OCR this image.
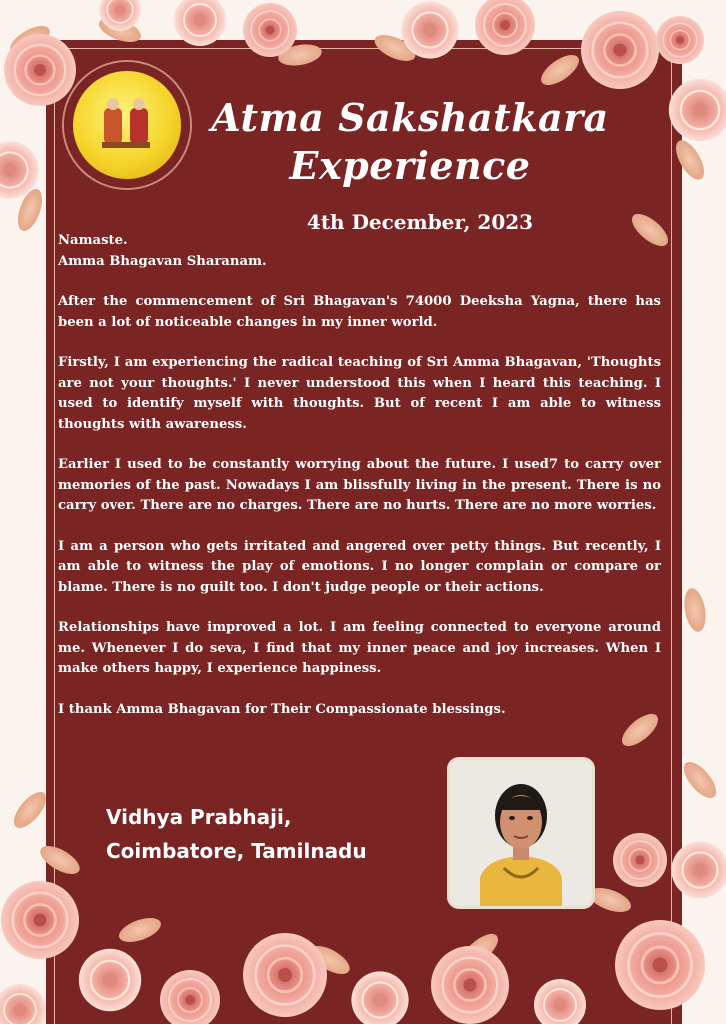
Atma Sakshatkara
Experience
4th December, 2023

Namaste.
Amma Bhagavan Sharanam.

After the commencement of Sri Bhagavan's 74000 Deeksha Yagna, there has been a lot of noticeable changes in my inner world.

Firstly, I am experiencing the radical teaching of Sri Amma Bhagavan, 'Thoughts are not your thoughts.' I never understood this when I heard this teaching. I used to identify myself with thoughts. But of recent I am able to witness thoughts with awareness.

Earlier I used to be constantly worrying about the future. I used7 to carry over memories of the past. Nowadays I am blissfully living in the present. There is no carry over. There are no charges. There are no hurts. There are no more worries.

I am a person who gets irritated and angered over petty things. But recently, I am able to witness the play of emotions. I no longer complain or compare or blame. There is no guilt too. I don't judge people or their actions.

Relationships have improved a lot. I am feeling connected to everyone around me. Whenever I do seva, I find that my inner peace and joy increases. When I make others happy, I experience happiness.

I thank Amma Bhagavan for Their Compassionate blessings.

Vidhya Prabhaji,
Coimbatore, Tamilnadu
